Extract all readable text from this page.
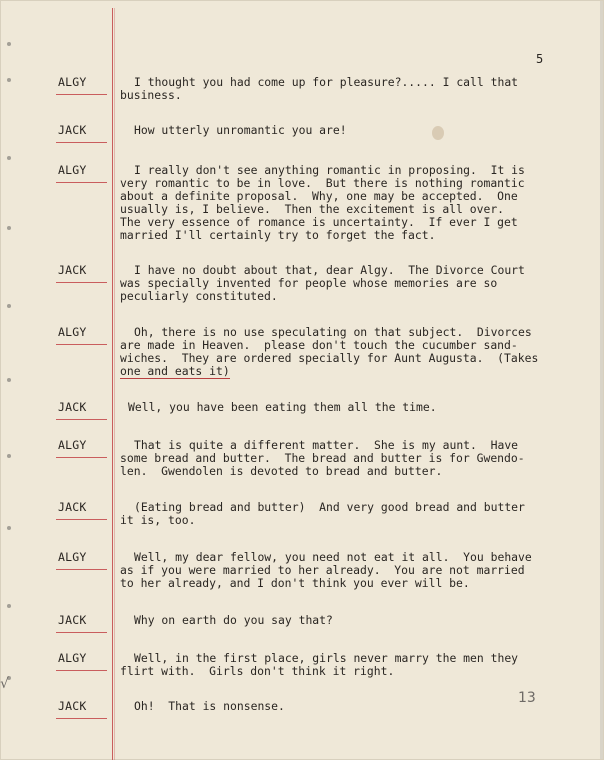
5
√
13
ALGY	I thought you had come up for pleasure?..... I call that
business.
JACK	How utterly unromantic you are!
ALGY	I really don't see anything romantic in proposing.  It is
very romantic to be in love.  But there is nothing romantic
about a definite proposal.  Why, one may be accepted.  One
usually is, I believe.  Then the excitement is all over.
The very essence of romance is uncertainty.  If ever I get
married I'll certainly try to forget the fact.
JACK	I have no doubt about that, dear Algy.  The Divorce Court
was specially invented for people whose memories are so
peculiarly constituted.
ALGY	Oh, there is no use speculating on that subject.  Divorces
are made in Heaven.  please don't touch the cucumber sand-
wiches.  They are ordered specially for Aunt Augusta.  (Takes
one and eats it)
JACK	Well, you have been eating them all the time.
ALGY	That is quite a different matter.  She is my aunt.  Have
some bread and butter.  The bread and butter is for Gwendo-
len.  Gwendolen is devoted to bread and butter.
JACK	(Eating bread and butter)  And very good bread and butter
it is, too.
ALGY	Well, my dear fellow, you need not eat it all.  You behave
as if you were married to her already.  You are not married
to her already, and I don't think you ever will be.
JACK	Why on earth do you say that?
ALGY	Well, in the first place, girls never marry the men they
flirt with.  Girls don't think it right.
JACK	Oh!  That is nonsense.
